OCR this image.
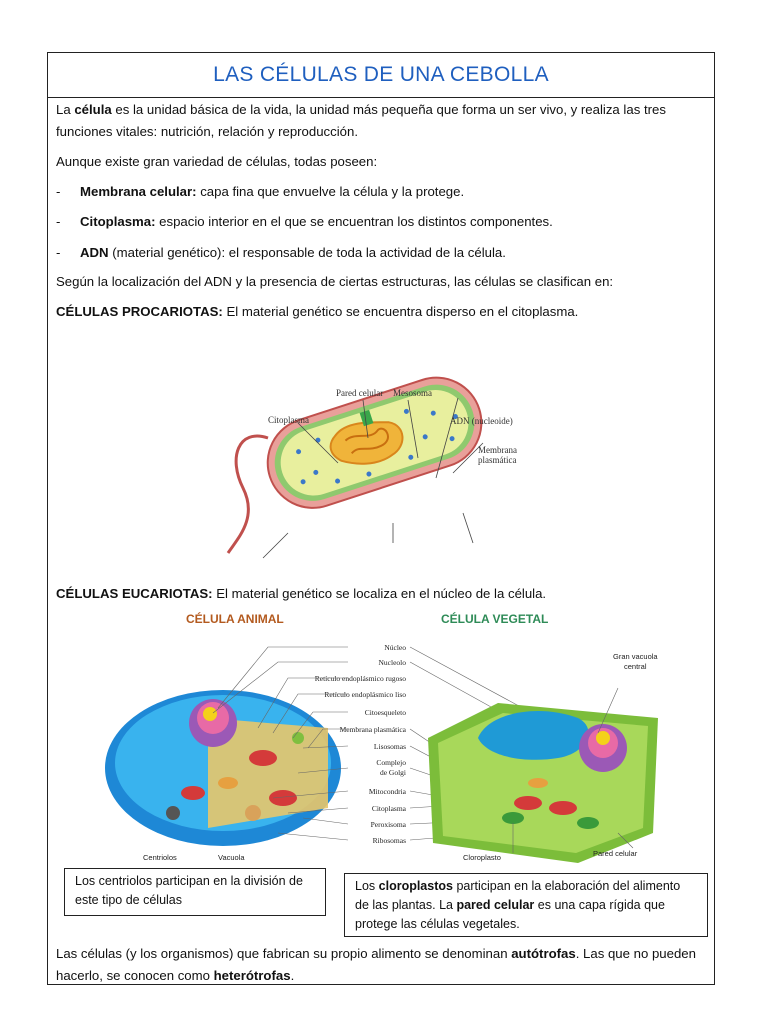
LAS CÉLULAS DE UNA CEBOLLA
La célula es la unidad básica de la vida, la unidad más pequeña que forma un ser vivo, y realiza las tres funciones vitales: nutrición, relación y reproducción.
Aunque existe gran variedad de células, todas poseen:
- Membrana celular: capa fina que envuelve la célula y la protege.
- Citoplasma: espacio interior en el que se encuentran los distintos componentes.
- ADN (material genético): el responsable de toda la actividad de la célula.
Según la localización del ADN y la presencia de ciertas estructuras, las células se clasifican en:
CÉLULAS PROCARIOTAS: El material genético se encuentra disperso en el citoplasma.
Pared celular Mesosoma
ADN (nucleoide)
Citoplasma
Membrana
plasmática
CÉLULAS EUCARIOTAS: El material genético se localiza en el núcleo de la célula.
CÉLULA ANIMAL	CÉLULA VEGETAL
Núcleo
Nucleolo
Retículo endoplásmico rugoso
Retículo endoplásmico liso
Citoesqueleto
Membrana plasmática
Lisosomas
Complejo
de Golgi
Mitocondria
Citoplasma
Peroxisoma
Ribosomas
Centriolos	Vacuola
Gran vacuola
central
Cloroplasto	Pared celular
Los centriolos participan en la división de este tipo de células
Los cloroplastos participan en la elaboración del alimento de las plantas. La pared celular es una capa rígida que protege las células vegetales.
Las células (y los organismos) que fabrican su propio alimento se denominan autótrofas. Las que no pueden hacerlo, se conocen como heterótrofas.
